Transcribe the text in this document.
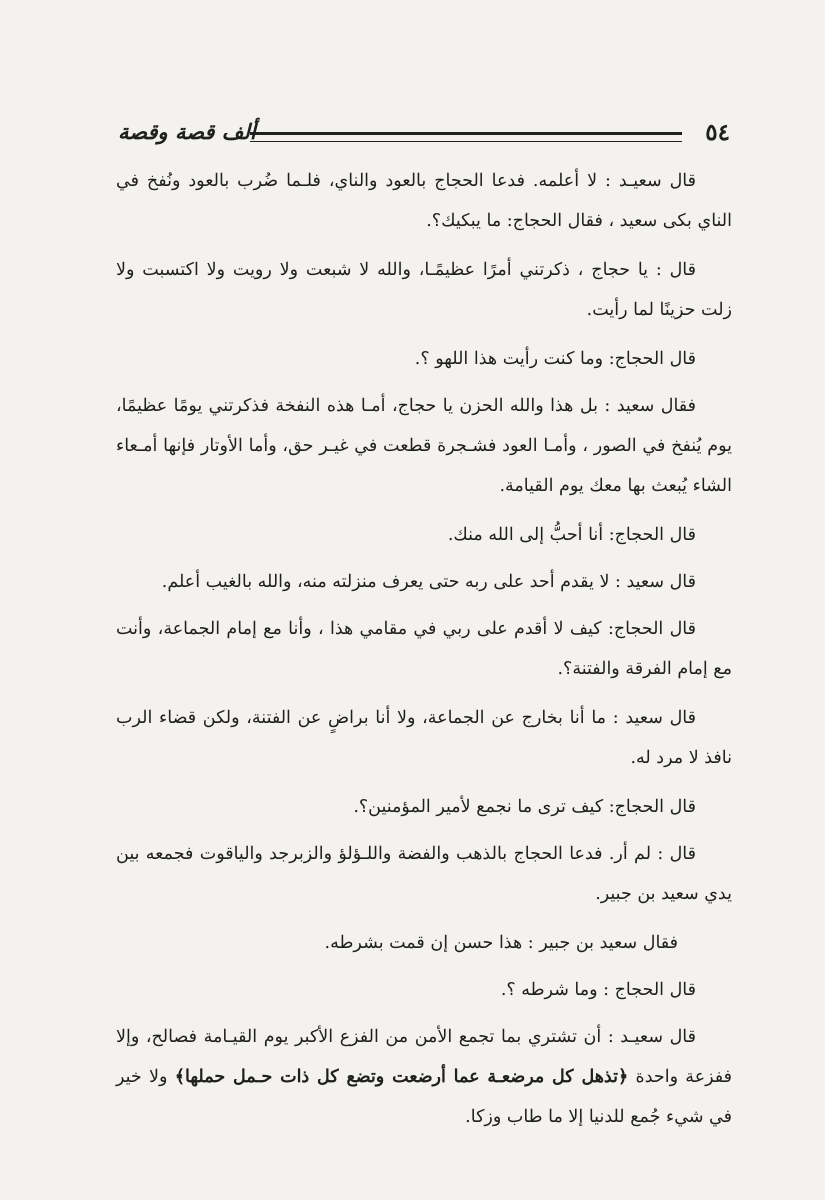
٥٤
ألف قصة وقصة

قال سعيـد : لا أعلمه. فدعا الحجاج بالعود والناي، فلـما ضُرب بالعود ونُفخ في الناي بكى سعيد ، فقال الحجاج: ما يبكيك؟.

قال : يا حجاج ، ذكرتني أمرًا عظيمًـا، والله لا شبعت ولا رويت ولا اكتسبت ولا زلت حزينًا لما رأيت.

قال الحجاج: وما كنت رأيت هذا اللهو ؟.

فقال سعيد : بل هذا والله الحزن يا حجاج، أمـا هذه النفخة فذكرتني يومًا عظيمًا، يوم يُنفخ في الصور ، وأمـا العود فشـجرة قطعت في غيـر حق، وأما الأوتار فإنها أمـعاء الشاء يُبعث بها معك يوم القيامة.

قال الحجاج: أنا أحبُّ إلى الله منك.

قال سعيد : لا يقدم أحد على ربه حتى يعرف منزلته منه، والله بالغيب أعلم.

قال الحجاج: كيف لا أقدم على ربي في مقامي هذا ، وأنا مع إمام الجماعة، وأنت مع إمام الفرقة والفتنة؟.

قال سعيد : ما أنا بخارج عن الجماعة، ولا أنا براضٍ عن الفتنة، ولكن قضاء الرب نافذ لا مرد له.

قال الحجاج: كيف ترى ما نجمع لأمير المؤمنين؟.

قال : لم أر. فدعا الحجاج بالذهب والفضة واللـؤلؤ والزبرجد والياقوت فجمعه بين يدي سعيد بن جبير.

فقال سعيد بن جبير : هذا حسن إن قمت بشرطه.

قال الحجاج : وما شرطه ؟.

قال سعيـد : أن تشتري بما تجمع الأمن من الفزع الأكبر يوم القيـامة فصالح، وإلا ففزعة واحدة ﴿تذهل كل مرضعـة عما أرضعت وتضع كل ذات حـمل حملها﴾ ولا خير في شيء جُمع للدنيا إلا ما طاب وزكا.
